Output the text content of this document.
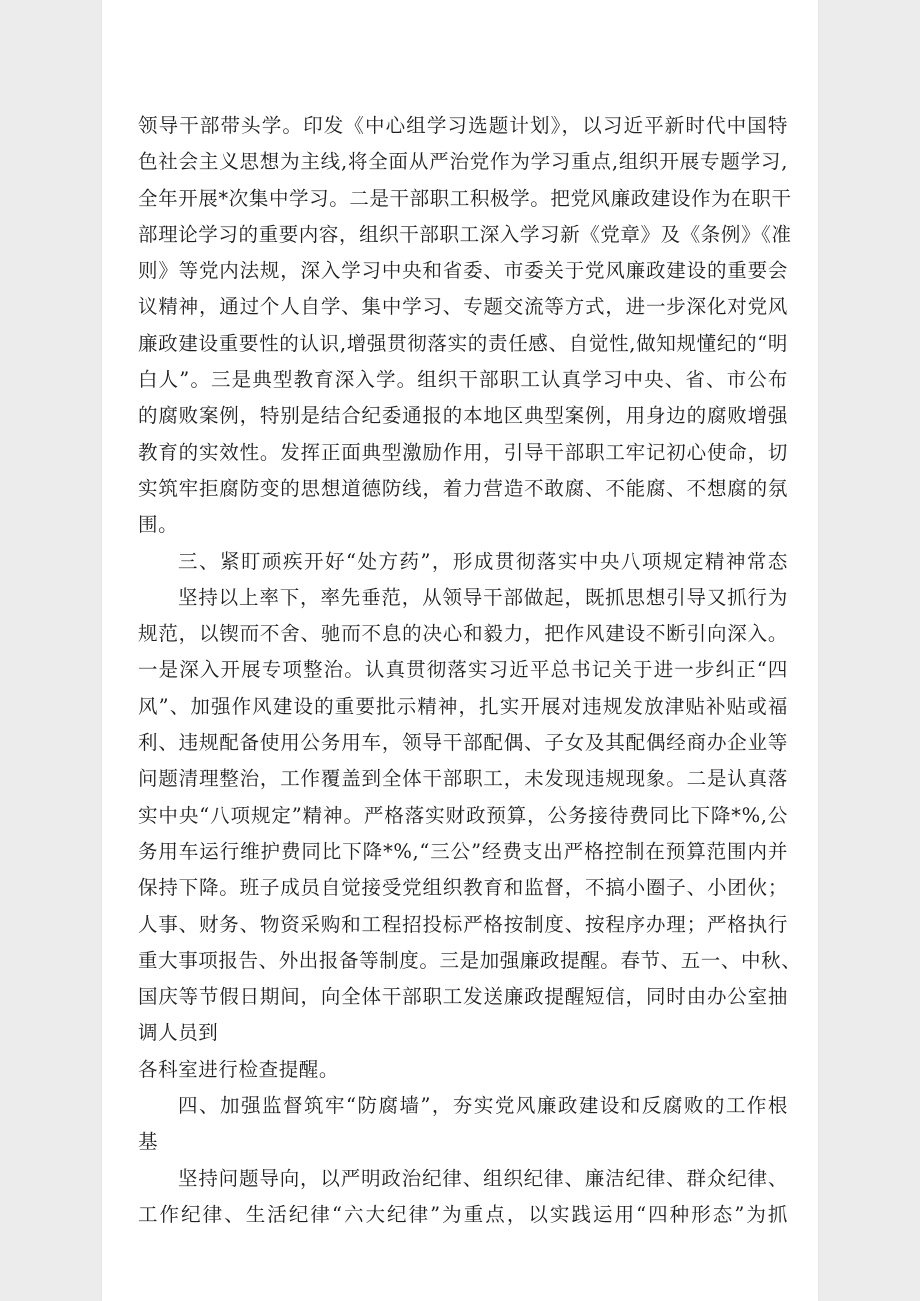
领导干部带头学。印发《中心组学习选题计划》，以习近平新时代中国特
色社会主义思想为主线,将全面从严治党作为学习重点,组织开展专题学习,
全年开展*次集中学习。二是干部职工积极学。把党风廉政建设作为在职干
部理论学习的重要内容，组织干部职工深入学习新《党章》及《条例》《准
则》等党内法规，深入学习中央和省委、市委关于党风廉政建设的重要会
议精神，通过个人自学、集中学习、专题交流等方式，进一步深化对党风
廉政建设重要性的认识,增强贯彻落实的责任感、自觉性,做知规懂纪的“明
白人”。三是典型教育深入学。组织干部职工认真学习中央、省、市公布
的腐败案例，特别是结合纪委通报的本地区典型案例，用身边的腐败增强
教育的实效性。发挥正面典型激励作用，引导干部职工牢记初心使命，切
实筑牢拒腐防变的思想道德防线，着力营造不敢腐、不能腐、不想腐的氛
围。
三、紧盯顽疾开好“处方药”，形成贯彻落实中央八项规定精神常态
坚持以上率下，率先垂范，从领导干部做起，既抓思想引导又抓行为
规范，以锲而不舍、驰而不息的决心和毅力，把作风建设不断引向深入。
一是深入开展专项整治。认真贯彻落实习近平总书记关于进一步纠正“四
风”、加强作风建设的重要批示精神，扎实开展对违规发放津贴补贴或福
利、违规配备使用公务用车，领导干部配偶、子女及其配偶经商办企业等
问题清理整治，工作覆盖到全体干部职工，未发现违规现象。二是认真落
实中央“八项规定”精神。严格落实财政预算，公务接待费同比下降*%,公
务用车运行维护费同比下降*%,“三公”经费支出严格控制在预算范围内并
保持下降。班子成员自觉接受党组织教育和监督，不搞小圈子、小团伙；
人事、财务、物资采购和工程招投标严格按制度、按程序办理；严格执行
重大事项报告、外出报备等制度。三是加强廉政提醒。春节、五一、中秋、
国庆等节假日期间，向全体干部职工发送廉政提醒短信，同时由办公室抽
调人员到
各科室进行检查提醒。
四、加强监督筑牢“防腐墙”，夯实党风廉政建设和反腐败的工作根
基
坚持问题导向，以严明政治纪律、组织纪律、廉洁纪律、群众纪律、
工作纪律、生活纪律“六大纪律”为重点，以实践运用“四种形态”为抓
